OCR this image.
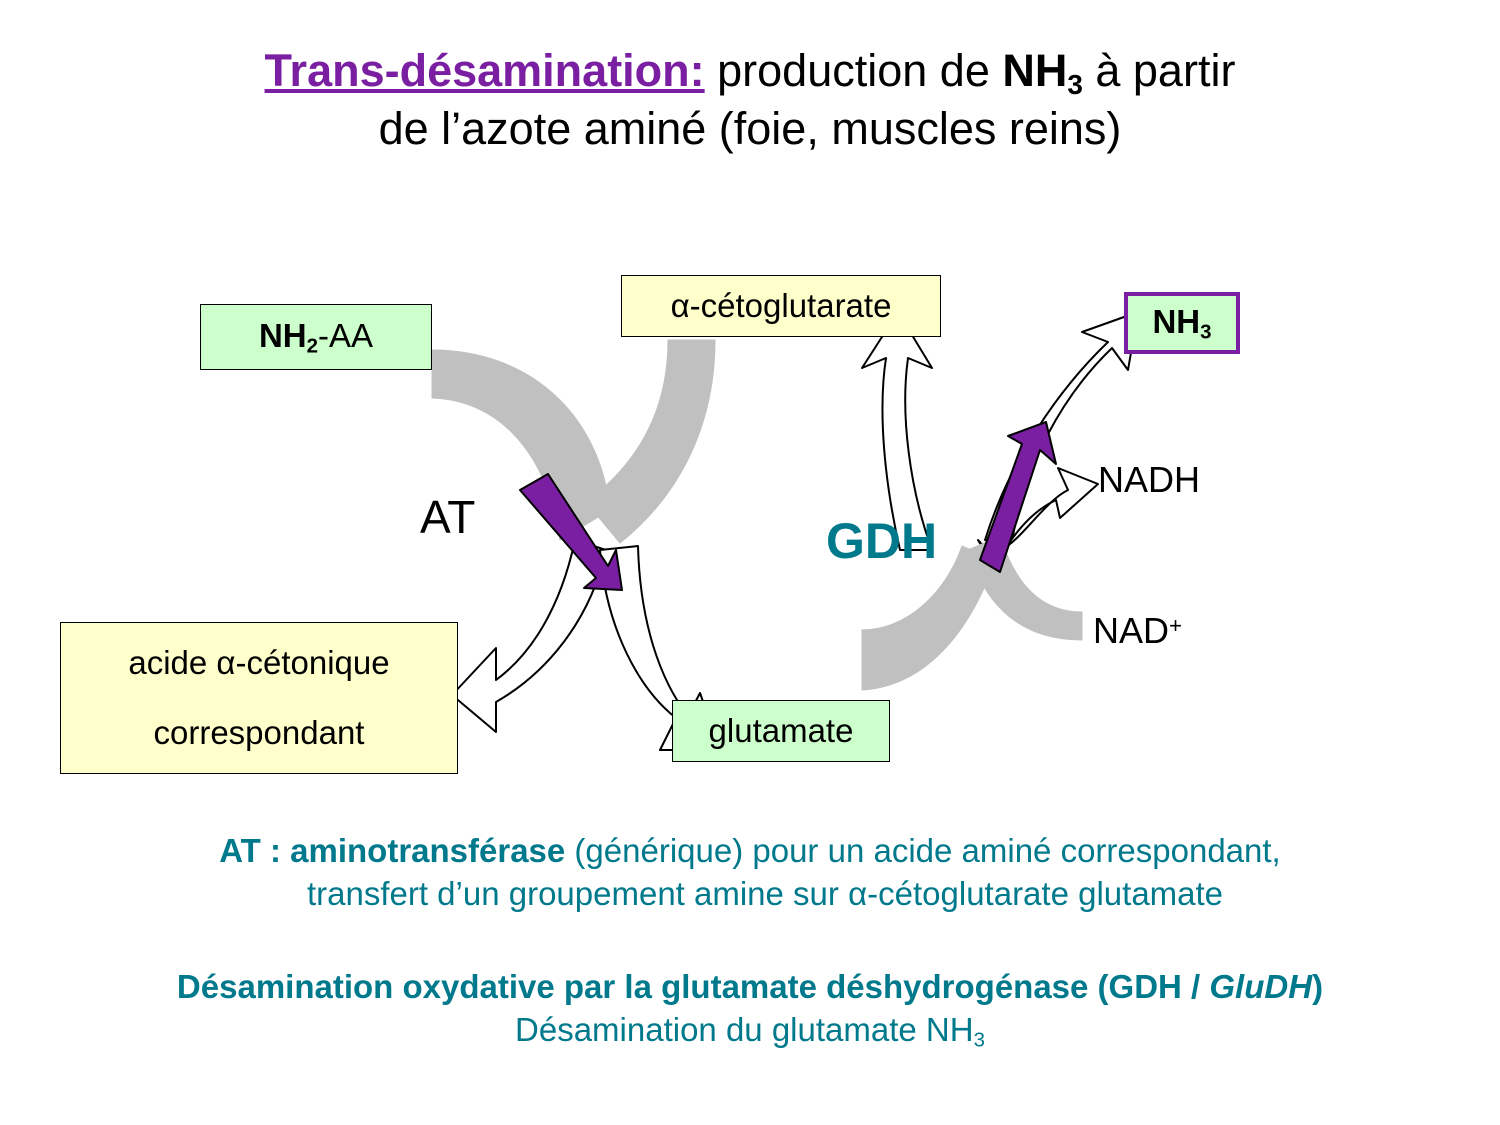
Trans-désamination: production de $NH_3$ à partir
de l’azote aminé (foie, muscles reins)
$NH_2-AA$
α-cétoglutarate	$NH_3$
glutamate
acide α-cétonique
correspondant
AT	GDH
NADH
NAD+
AT : aminotransférase (générique) pour un acide aminé correspondant,
transfert d’un groupement amine sur α-cétoglutarate glutamate
Désamination oxydative par la glutamate déshydrogénase (GDH / GluDH)
Désamination du glutamate $NH_3$
